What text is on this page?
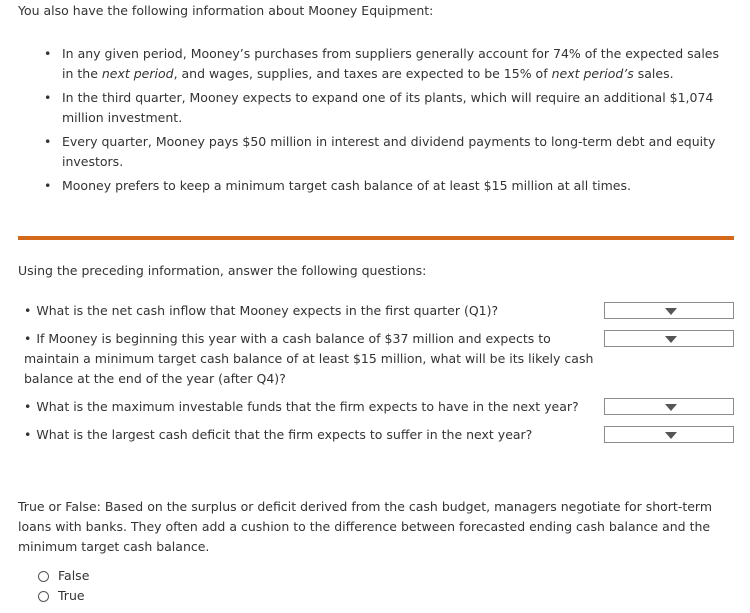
You also have the following information about Mooney Equipment:
• In any given period, Mooney’s purchases from suppliers generally account for 74% of the expected sales in the next period, and wages, supplies, and taxes are expected to be 15% of next period’s sales.
• In the third quarter, Mooney expects to expand one of its plants, which will require an additional $1,074 million investment.
• Every quarter, Mooney pays $50 million in interest and dividend payments to long-term debt and equity investors.
• Mooney prefers to keep a minimum target cash balance of at least $15 million at all times.
Using the preceding information, answer the following questions:
• What is the net cash inflow that Mooney expects in the first quarter (Q1)?
• If Mooney is beginning this year with a cash balance of $37 million and expects to maintain a minimum target cash balance of at least $15 million, what will be its likely cash balance at the end of the year (after Q4)?
• What is the maximum investable funds that the firm expects to have in the next year?
• What is the largest cash deficit that the firm expects to suffer in the next year?
True or False: Based on the surplus or deficit derived from the cash budget, managers negotiate for short-term loans with banks. They often add a cushion to the difference between forecasted ending cash balance and the minimum target cash balance.
False
True
